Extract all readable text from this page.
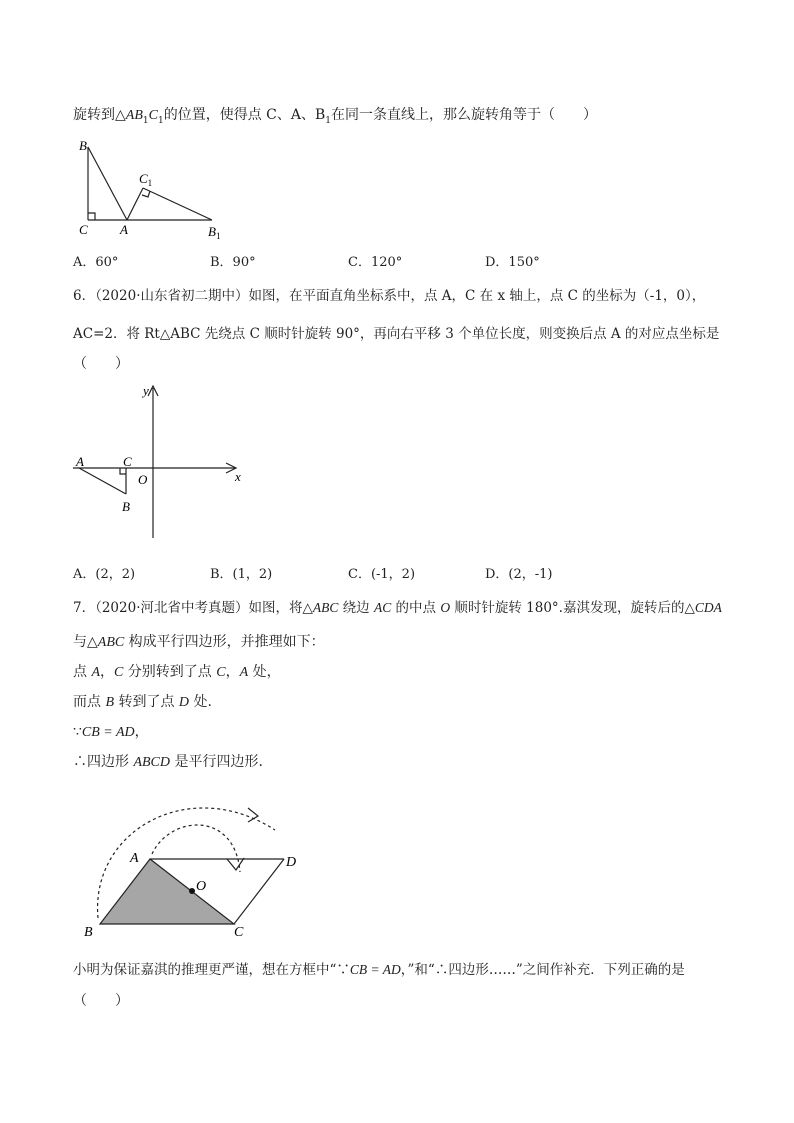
旋转到$\triangle AB_1C_1$的位置，使得点 C、A、$B_1$在同一条直线上，那么旋转角等于（　　）
B
$C_1$
C A	$B_1$
A．60°	B．90°	C．120°	D．150°
6．（2020·山东省初二期中）如图，在平面直角坐标系中，点 A，C 在 x 轴上，点 C 的坐标为（-1，0），
AC=2．将 Rt△ABC 先绕点 C 顺时针旋转 90°，再向右平移 3 个单位长度，则变换后点 A 的对应点坐标是
（　　）
y
x
A	C
O
B
A．(2，2)	B．(1，2)	C．(-1，2)	D．(2，-1)
7．（2020·河北省中考真题）如图，将△ABC 绕边 AC 的中点 O 顺时针旋转 180°.嘉淇发现，旋转后的△CDA
与△ABC 构成平行四边形，并推理如下：
点 A，C 分别转到了点 C，A 处，
而点 B 转到了点 D 处.
∵CB = AD，
∴四边形 ABCD 是平行四边形.
A
O
D
B	C
小明为保证嘉淇的推理更严谨，想在方框中“∵CB = AD，”和“∴四边形……”之间作补充．下列正确的是
（　　）
